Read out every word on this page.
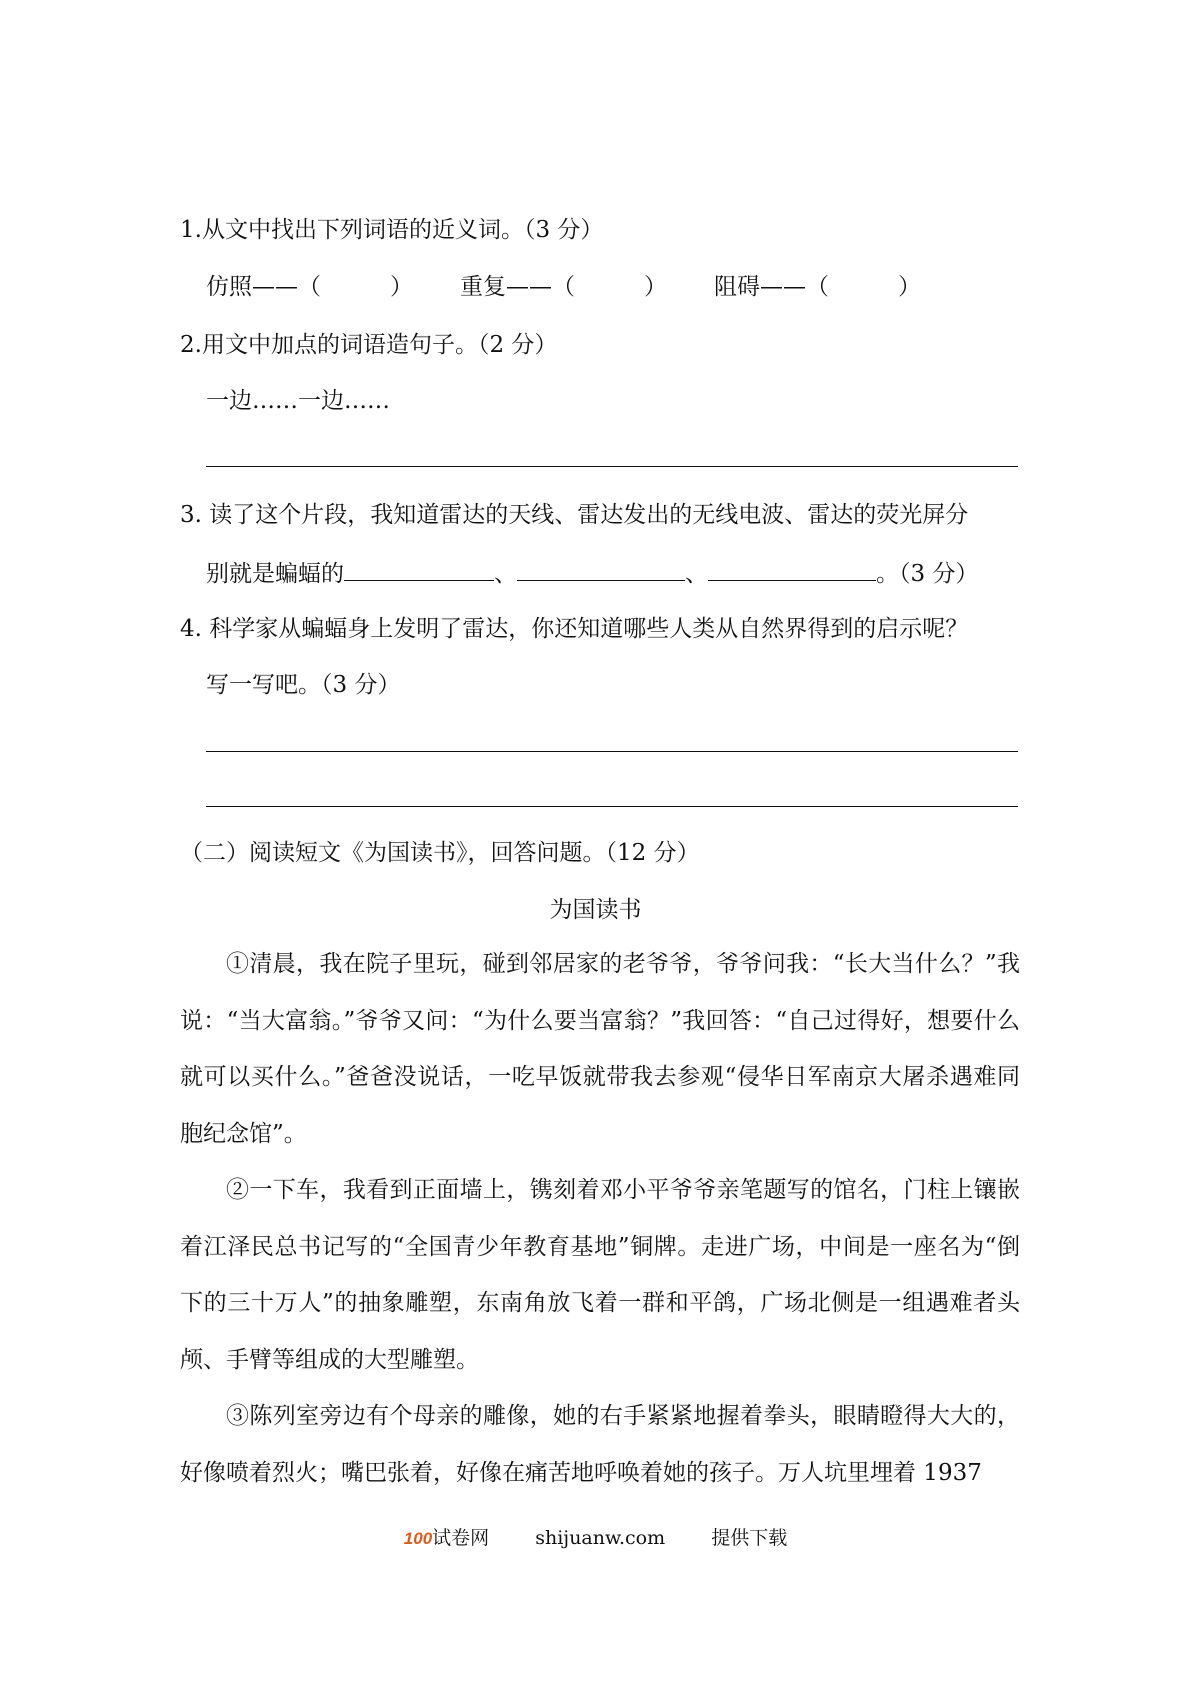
1.从文中找出下列词语的近义词。（3 分）
仿照——（　　　） 重复——（　　　） 阻碍——（　　　）
2.用文中加点的词语造句子。（2 分）
一边……一边……
3. 读了这个片段，我知道雷达的天线、雷达发出的无线电波、雷达的荧光屏分
别就是蝙蝠的	、	、	。（3 分）
4. 科学家从蝙蝠身上发明了雷达，你还知道哪些人类从自然界得到的启示呢？
写一写吧。（3 分）
（二）阅读短文《为国读书》，回答问题。（12 分）
为国读书

①清晨，我在院子里玩，碰到邻居家的老爷爷，爷爷问我：“长大当什么？”我说：“当大富翁。”爷爷又问：“为什么要当富翁？”我回答：“自己过得好，想要什么就可以买什么。”爸爸没说话，一吃早饭就带我去参观“侵华日军南京大屠杀遇难同胞纪念馆”。

②一下车，我看到正面墙上，镌刻着邓小平爷爷亲笔题写的馆名，门柱上镶嵌着江泽民总书记写的“全国青少年教育基地”铜牌。走进广场，中间是一座名为“倒下的三十万人”的抽象雕塑，东南角放飞着一群和平鸽，广场北侧是一组遇难者头颅、手臂等组成的大型雕塑。

③陈列室旁边有个母亲的雕像，她的右手紧紧地握着拳头，眼睛瞪得大大的，好像喷着烈火；嘴巴张着，好像在痛苦地呼唤着她的孩子。万人坑里埋着 1937

100试卷网 shijuanw.com 提供下载
